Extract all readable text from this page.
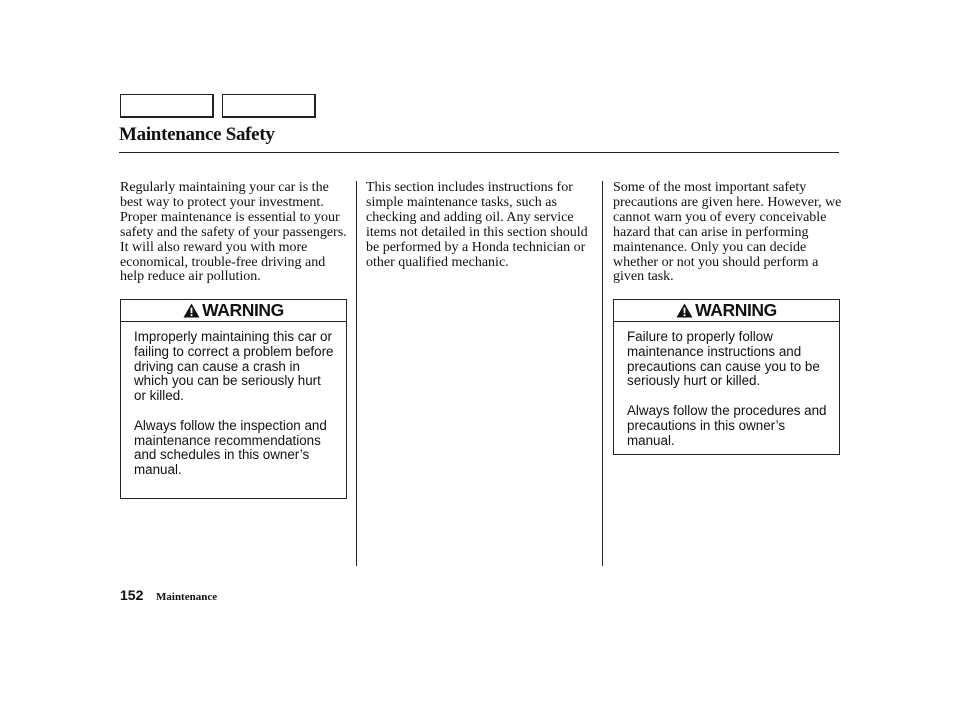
Maintenance Safety

Regularly maintaining your car is the best way to protect your investment. Proper maintenance is essential to your safety and the safety of your passengers. It will also reward you with more economical, trouble-free driving and help reduce air pollution.

This section includes instructions for simple maintenance tasks, such as checking and adding oil. Any service items not detailed in this section should be performed by a Honda technician or other qualified mechanic.

Some of the most important safety precautions are given here. However, we cannot warn you of every conceivable hazard that can arise in performing maintenance. Only you can decide whether or not you should perform a given task.

WARNING

Improperly maintaining this car or failing to correct a problem before driving can cause a crash in which you can be seriously hurt or killed.

Always follow the inspection and maintenance recommendations and schedules in this owner’s manual.

WARNING

Failure to properly follow maintenance instructions and precautions can cause you to be seriously hurt or killed.

Always follow the procedures and precautions in this owner’s manual.

152 Maintenance
